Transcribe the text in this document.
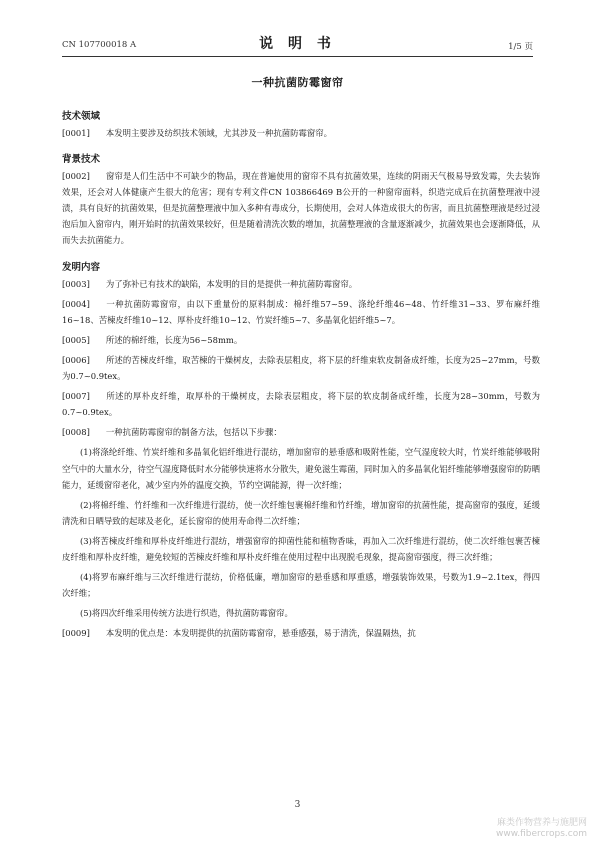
CN 107700018 A	说 明 书	1/5 页
一种抗菌防霉窗帘
技术领域
[0001] 本发明主要涉及纺织技术领域，尤其涉及一种抗菌防霉窗帘。
背景技术
[0002] 窗帘是人们生活中不可缺少的物品，现在普遍使用的窗帘不具有抗菌效果，连续的阴雨天气极易导致发霉，失去装饰效果，还会对人体健康产生很大的危害；现有专利文件CN 103866469 B公开的一种窗帘面料，织造完成后在抗菌整理液中浸渍，具有良好的抗菌效果，但是抗菌整理液中加入多种有毒成分，长期使用，会对人体造成很大的伤害，而且抗菌整理液是经过浸泡后加入窗帘内，刚开始时的抗菌效果较好，但是随着清洗次数的增加，抗菌整理液的含量逐渐减少，抗菌效果也会逐渐降低，从而失去抗菌能力。
发明内容
[0003] 为了弥补已有技术的缺陷，本发明的目的是提供一种抗菌防霉窗帘。
[0004] 一种抗菌防霉窗帘，由以下重量份的原料制成：棉纤维57~59、涤纶纤维46~48、竹纤维31~33、罗布麻纤维16~18、苦楝皮纤维10~12、厚朴皮纤维10~12、竹炭纤维5~7、多晶氧化铝纤维5~7。
[0005] 所述的棉纤维，长度为56~58mm。
[0006] 所述的苦楝皮纤维，取苦楝的干燥树皮，去除表层粗皮，将下层的纤维束软皮制备成纤维，长度为25~27mm，号数为0.7~0.9tex。
[0007] 所述的厚朴皮纤维，取厚朴的干燥树皮，去除表层粗皮，将下层的软皮制备成纤维，长度为28~30mm，号数为0.7~0.9tex。
[0008] 一种抗菌防霉窗帘的制备方法，包括以下步骤：
(1)将涤纶纤维、竹炭纤维和多晶氧化铝纤维进行混纺，增加窗帘的悬垂感和吸附性能，空气湿度较大时，竹炭纤维能够吸附空气中的大量水分，待空气湿度降低时水分能够快速将水分散失，避免滋生霉菌，同时加入的多晶氧化铝纤维能够增强窗帘的防晒能力，延缓窗帘老化，减少室内外的温度交换，节约空调能源，得一次纤维；
(2)将棉纤维、竹纤维和一次纤维进行混纺，使一次纤维包裹棉纤维和竹纤维，增加窗帘的抗菌性能，提高窗帘的强度，延缓清洗和日晒导致的起球及老化，延长窗帘的使用寿命得二次纤维；
(3)将苦楝皮纤维和厚朴皮纤维进行混纺，增强窗帘的抑菌性能和植物香味，再加入二次纤维进行混纺，使二次纤维包裹苦楝皮纤维和厚朴皮纤维，避免较短的苦楝皮纤维和厚朴皮纤维在使用过程中出现脱毛现象，提高窗帘强度，得三次纤维；
(4)将罗布麻纤维与三次纤维进行混纺，价格低廉，增加窗帘的悬垂感和厚重感，增强装饰效果，号数为1.9~2.1tex，得四次纤维；
(5)将四次纤维采用传统方法进行织造，得抗菌防霉窗帘。
[0009] 本发明的优点是：本发明提供的抗菌防霉窗帘，悬垂感强，易于清洗，保温隔热，抗
3
麻类作物营养与施肥网
www.fibercrops.com
